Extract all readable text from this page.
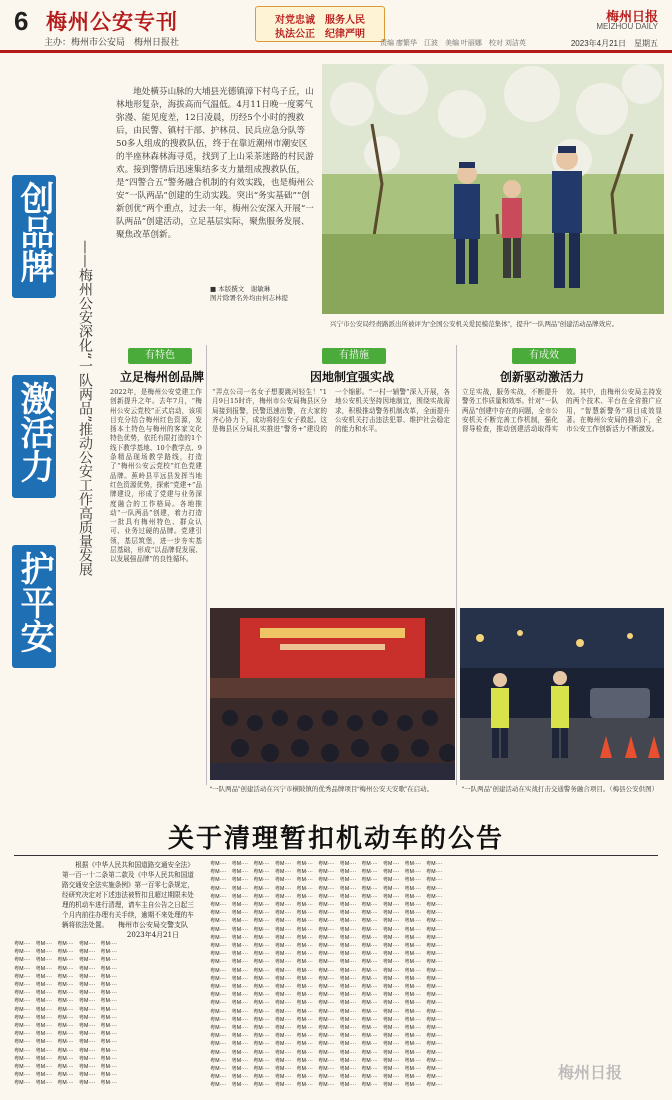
6 梅州公安专刊
主办：梅州市公安局　梅州日报社
对党忠诚　服务人民
执法公正　纪律严明
梅州日报
MEIZHOU DAILY
责编 廖繁华　江波　美编 叶丽娜　校对 刘洁英	2023年4月21日　星期五
创品牌
激活力
护平安
——梅州公安深化“一队两品”推动公安工作高质量发展
地处横芬山脉的大埔县光德镇漳下村鸟子丘，山林地形复杂，海拔高而气温低。4月11日晚一度雾气弥漫、能见度差，12日凌晨，历经5个小时的搜救后，由民警、镇村干部、护林员、民兵应急分队等50多人组成的搜救队伍，终于在靠近潮州市潮安区的半座林森林海寻觅，找到了上山采茶迷路的村民游欢。接到警情后迅速集结多支力量组成搜救队伍，是“四警合五”警务融合机制的有效实践，也是梅州公安“一队两品”创建的生动实践。突出“务实基础”“创新创优”两个重点，过去一年，梅州公安深入开展“一队两品”创建活动，立足基层实际，聚焦服务发展、聚焦改革创新。
■ 本版撰文　谢敏琳
图片除署名外均由何志林提
兴宁市公安局经责路派出所被评为“全国公安机关爱民模范集体”，提升“一队两品”创建活动品牌效应。
有特色	有措施	有成效
立足梅州创品牌	因地制宜强实战	创新驱动激活力
2022年，是梅州公安党建工作创新提升之年。去年7月，“梅州公安云党校”正式启动，该项目充分结合梅州红色资源，发扬本土特色与梅州的客家文化特色优势，依托有限打造的1个线下教学基地、10个教学点、9条精品现场教学路线，打造了“梅州公安云党校”红色党建品牌。蕉岭县平远县发挥当地红色资源优势，探索“党建+”品牌建设，形成了党建与业务深度融合的工作格局。各地推动“一队两品”创建，着力打造一批具有梅州特色、群众认可、业务过硬的品牌。党建引领，基层筑堡，进一步夯实基层基础，形成“以品牌促发展、以发展强品牌”的良性循环。
“弄点公司一名女子想要跳河轻生！”1月9日15时许，梅州市公安局梅县区分局接到报警，民警迅速出警，在大家的齐心协力下，成功将轻生女子救起。这是梅县区分局扎实推进“警务+”建设的一个缩影。“一村一辅警”深入开展，各地公安机关坚持因地制宜，围绕实战需求，积极推动警务机制改革，全面提升公安机关打击违法犯罪、维护社会稳定的能力和水平。
立足实战，服务实战，不断提升警务工作质量和效率。针对“一队两品”创建中存在的问题，全市公安机关不断完善工作机制，强化督导检查，推动创建活动取得实效。其中，由梅州公安局主持发的两个技术、平台在全省推广应用，“智慧新警务”项目成效显著。在梅州公安局的推动下，全市公安工作创新活力不断激发。
“一队两品”创建活动在兴宁市横陂镇的优秀品牌项目“梅州公安天安歌”在启动。	“一队两品”创建活动在实战打击交通警务融合项目。（梅县公安供图）
关于清理暂扣机动车的公告
根据《中华人民共和国道路交通安全法》第一百一十二条第二款及《中华人民共和国道路交通安全法实施条例》第一百零七条规定，经研究决定对下述违法被暂扣且超过期限未处理的机动车进行清理，请车主自公告之日起三个月内前往办理有关手续，逾期不来处理的车辆将依法处置。	梅州市公安局交警支队
2023年4月21日
粤M····　粤M····　粤M····　粤M····　粤M····
粤M····　粤M····　粤M····　粤M····　粤M····
粤M····　粤M····　粤M····　粤M····　粤M····
粤M····　粤M····　粤M····　粤M····　粤M····
粤M····　粤M····　粤M····　粤M····　粤M····
粤M····　粤M····　粤M····　粤M····　粤M····
粤M····　粤M····　粤M····　粤M····　粤M····
粤M····　粤M····　粤M····　粤M····　粤M····
粤M····　粤M····　粤M····　粤M····　粤M····
粤M····　粤M····　粤M····　粤M····　粤M····
粤M····　粤M····　粤M····　粤M····　粤M····
粤M····　粤M····　粤M····　粤M····　粤M····
粤M····　粤M····　粤M····　粤M····　粤M····
粤M····　粤M····　粤M····　粤M····　粤M····
粤M····　粤M····　粤M····　粤M····　粤M····
粤M····　粤M····　粤M····　粤M····　粤M····
粤M····　粤M····　粤M····　粤M····　粤M····
粤M····　粤M····　粤M····　粤M····　粤M····
粤M····　粤M····　粤M····　粤M····　粤M····　粤M····　粤M····　粤M····　粤M····　粤M····　粤M····
粤M····　粤M····　粤M····　粤M····　粤M····　粤M····　粤M····　粤M····　粤M····　粤M····　粤M····
粤M····　粤M····　粤M····　粤M····　粤M····　粤M····　粤M····　粤M····　粤M····　粤M····　粤M····
粤M····　粤M····　粤M····　粤M····　粤M····　粤M····　粤M····　粤M····　粤M····　粤M····　粤M····
粤M····　粤M····　粤M····　粤M····　粤M····　粤M····　粤M····　粤M····　粤M····　粤M····　粤M····
粤M····　粤M····　粤M····　粤M····　粤M····　粤M····　粤M····　粤M····　粤M····　粤M····　粤M····
粤M····　粤M····　粤M····　粤M····　粤M····　粤M····　粤M····　粤M····　粤M····　粤M····　粤M····
粤M····　粤M····　粤M····　粤M····　粤M····　粤M····　粤M····　粤M····　粤M····　粤M····　粤M····
粤M····　粤M····　粤M····　粤M····　粤M····　粤M····　粤M····　粤M····　粤M····　粤M····　粤M····
粤M····　粤M····　粤M····　粤M····　粤M····　粤M····　粤M····　粤M····　粤M····　粤M····　粤M····
粤M····　粤M····　粤M····　粤M····　粤M····　粤M····　粤M····　粤M····　粤M····　粤M····　粤M····
粤M····　粤M····　粤M····　粤M····　粤M····　粤M····　粤M····　粤M····　粤M····　粤M····　粤M····
粤M····　粤M····　粤M····　粤M····　粤M····　粤M····　粤M····　粤M····　粤M····　粤M····　粤M····
粤M····　粤M····　粤M····　粤M····　粤M····　粤M····　粤M····　粤M····　粤M····　粤M····　粤M····
粤M····　粤M····　粤M····　粤M····　粤M····　粤M····　粤M····　粤M····　粤M····　粤M····　粤M····
粤M····　粤M····　粤M····　粤M····　粤M····　粤M····　粤M····　粤M····　粤M····　粤M····　粤M····
粤M····　粤M····　粤M····　粤M····　粤M····　粤M····　粤M····　粤M····　粤M····　粤M····　粤M····
粤M····　粤M····　粤M····　粤M····　粤M····　粤M····　粤M····　粤M····　粤M····　粤M····　粤M····
粤M····　粤M····　粤M····　粤M····　粤M····　粤M····　粤M····　粤M····　粤M····　粤M····　粤M····
粤M····　粤M····　粤M····　粤M····　粤M····　粤M····　粤M····　粤M····　粤M····　粤M····　粤M····
粤M····　粤M····　粤M····　粤M····　粤M····　粤M····　粤M····　粤M····　粤M····　粤M····　粤M····
粤M····　粤M····　粤M····　粤M····　粤M····　粤M····　粤M····　粤M····　粤M····　粤M····　粤M····
粤M····　粤M····　粤M····　粤M····　粤M····　粤M····　粤M····　粤M····　粤M····　粤M····　粤M····
粤M····　粤M····　粤M····　粤M····　粤M····　粤M····　粤M····　粤M····　粤M····　粤M····　粤M····
粤M····　粤M····　粤M····　粤M····　粤M····　粤M····　粤M····　粤M····　粤M····　粤M····　粤M····
粤M····　粤M····　粤M····　粤M····　粤M····　粤M····　粤M····　粤M····　粤M····　粤M····　粤M····
粤M····　粤M····　粤M····　粤M····　粤M····　粤M····　粤M····　粤M····　粤M····　粤M····　粤M····
粤M····　粤M····　粤M····　粤M····　粤M····　粤M····　粤M····　粤M····　粤M····　粤M····　粤M····
梅州日报
